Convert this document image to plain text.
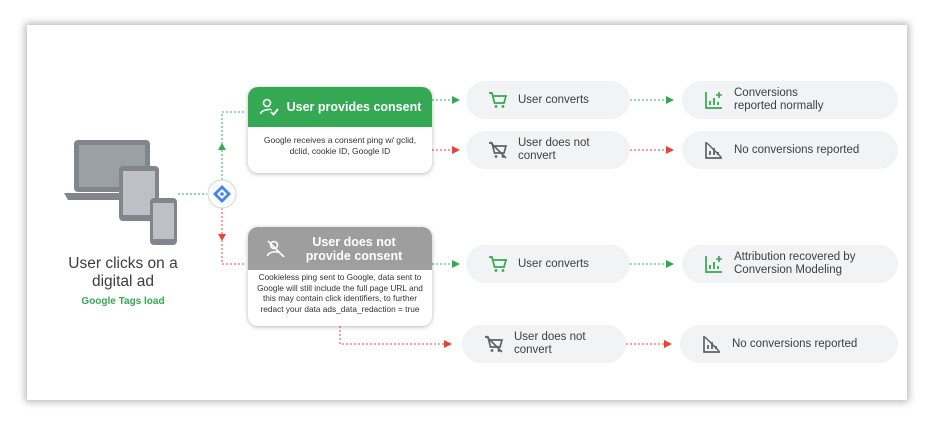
User clicks on a digital ad
Google Tags load
User provides consent
Google receives a consent ping w/ gclid, dclid, cookie ID, Google ID
User does not provide consent
Cookieless ping sent to Google, data sent to Google will still include the full page URL and this may contain click identifiers, to further redact your data ads_data_redaction = true
User converts
User does not convert
User converts
User does not convert
Conversions reported normally
No conversions reported
Attribution recovered by Conversion Modeling
No conversions reported
